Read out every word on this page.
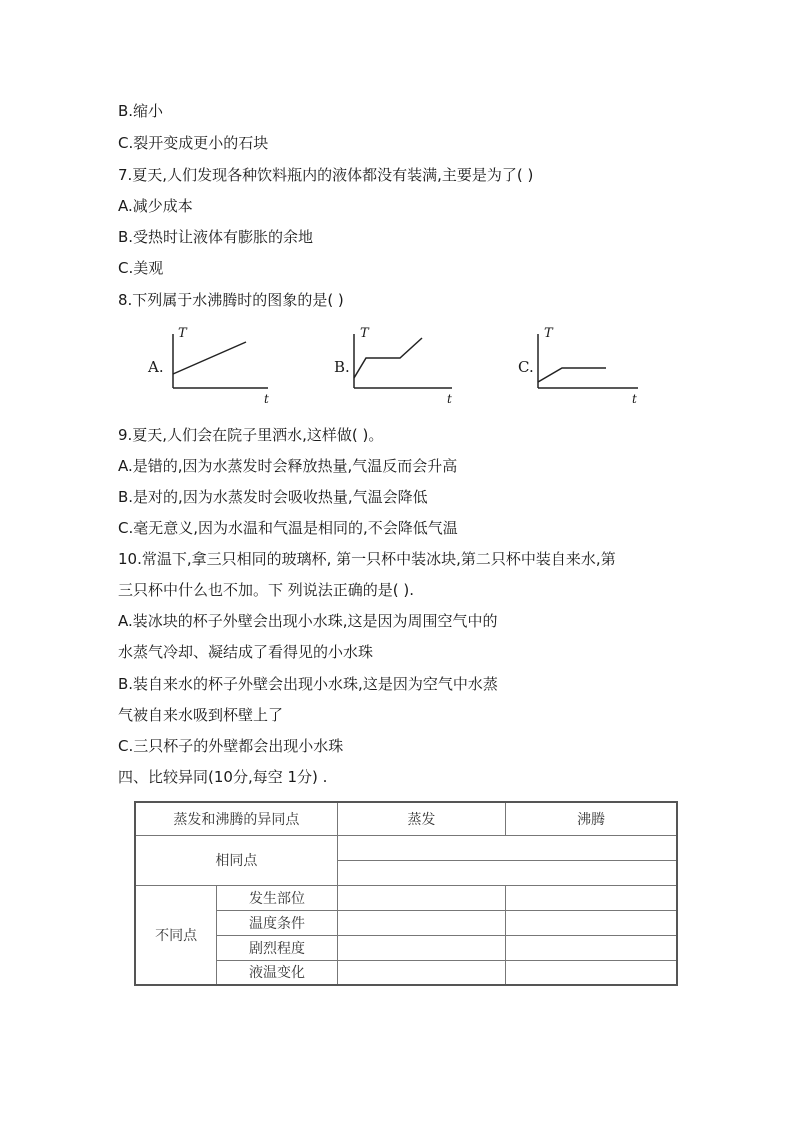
B.缩小
C.裂开变成更小的石块
7.夏天,人们发现各种饮料瓶内的液体都没有装满,主要是为了( )
A.减少成本
B.受热时让液体有膨胀的余地
C.美观
8.下列属于水沸腾时的图象的是( )
A.
T
t
B.
T
t
C.
T
t
9.夏天,人们会在院子里洒水,这样做( )。
A.是错的,因为水蒸发时会释放热量,气温反而会升高
B.是对的,因为水蒸发时会吸收热量,气温会降低
C.毫无意义,因为水温和气温是相同的,不会降低气温
10.常温下,拿三只相同的玻璃杯, 第一只杯中装冰块,第二只杯中装自来水,第
三只杯中什么也不加。下 列说法正确的是( ).
A.装冰块的杯子外壁会出现小水珠,这是因为周围空气中的
水蒸气冷却、凝结成了看得见的小水珠
B.装自来水的杯子外壁会出现小水珠,这是因为空气中水蒸
气被自来水吸到杯壁上了
C.三只杯子的外壁都会出现小水珠
四、比较异同(10分,每空 1分) .
蒸发和沸腾的异同点		蒸发	沸腾
相同点			

不同点	发生部位		
	温度条件		
	剧烈程度		
	液温变化		
